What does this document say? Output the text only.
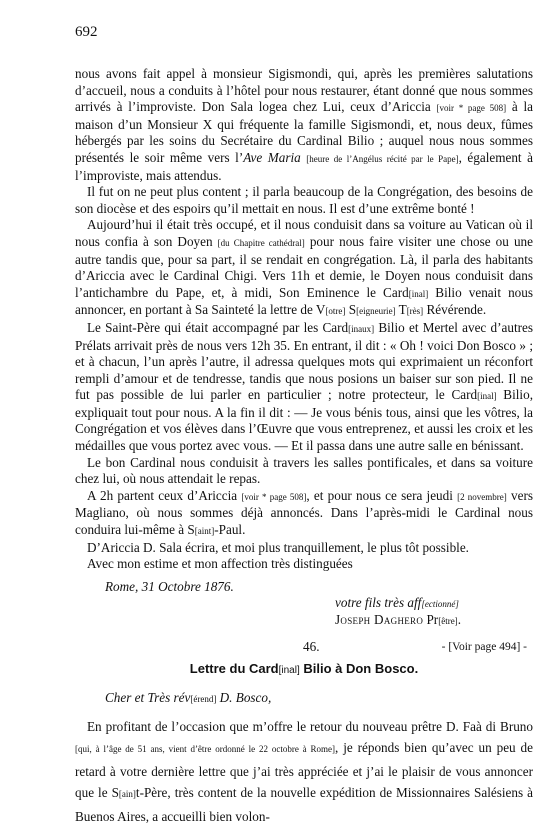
692

nous avons fait appel à monsieur Sigismondi, qui, après les premières salutations d’accueil, nous a conduits à l’hôtel pour nous restaurer, étant donné que nous sommes arrivés à l’improviste. Don Sala logea chez Lui, ceux d’Ariccia [voir * page 508] à la maison d’un Monsieur X qui fréquente la famille Sigismondi, et, nous deux, fûmes hébergés par les soins du Secrétaire du Cardinal Bilio ; auquel nous nous sommes présentés le soir même vers l’Ave Maria [heure de l’Angélus récité par le Pape], également à l’improviste, mais attendus.

Il fut on ne peut plus content ; il parla beaucoup de la Congrégation, des besoins de son diocèse et des espoirs qu’il mettait en nous. Il est d’une extrême bonté !

Aujourd’hui il était très occupé, et il nous conduisit dans sa voiture au Vatican où il nous confia à son Doyen [du Chapitre cathédral] pour nous faire visiter une chose ou une autre tandis que, pour sa part, il se rendait en congrégation. Là, il parla des habitants d’Ariccia avec le Cardinal Chigi. Vers 11h et demie, le Doyen nous conduisit dans l’antichambre du Pape, et, à midi, Son Eminence le Card[inal] Bilio venait nous annoncer, en portant à Sa Sainteté la lettre de V[otre] S[eigneurie] T[rès] Révérende.

Le Saint-Père qui était accompagné par les Card[inaux] Bilio et Mertel avec d’autres Prélats arrivait près de nous vers 12h 35. En entrant, il dit : « Oh ! voici Don Bosco » ; et à chacun, l’un après l’autre, il adressa quelques mots qui exprimaient un réconfort rempli d’amour et de tendresse, tandis que nous posions un baiser sur son pied. Il ne fut pas possible de lui parler en particulier ; notre protecteur, le Card[inal] Bilio, expliquait tout pour nous. A la fin il dit : — Je vous bénis tous, ainsi que les vôtres, la Congrégation et vos élèves dans l’Œuvre que vous entreprenez, et aussi les croix et les médailles que vous portez avec vous. — Et il passa dans une autre salle en bénissant.

Le bon Cardinal nous conduisit à travers les salles pontificales, et dans sa voiture chez lui, où nous attendait le repas.

A 2h partent ceux d’Ariccia [voir * page 508], et pour nous ce sera jeudi [2 novembre] vers Magliano, où nous sommes déjà annoncés. Dans l’après-midi le Cardinal nous conduira lui-même à S[aint]-Paul.

D’Ariccia D. Sala écrira, et moi plus tranquillement, le plus tôt possible.

Avec mon estime et mon affection très distinguées

Rome, 31 Octobre 1876.
votre fils très aff[ectionné]
Joseph Daghero Pr[être].
46.	- [Voir page 494] -
Lettre du Card[inal] Bilio à Don Bosco.
Cher et Très rév[érend] D. Bosco,

En profitant de l’occasion que m’offre le retour du nouveau prêtre D. Faà di Bruno [qui, à l’âge de 51 ans, vient d’être ordonné le 22 octobre à Rome], je réponds bien qu’avec un peu de retard à votre dernière lettre que j’ai très appréciée et j’ai le plaisir de vous annoncer que le S[ain]t-Père, très content de la nouvelle expédition de Missionnaires Salésiens à Buenos Aires, a accueilli bien volon-
